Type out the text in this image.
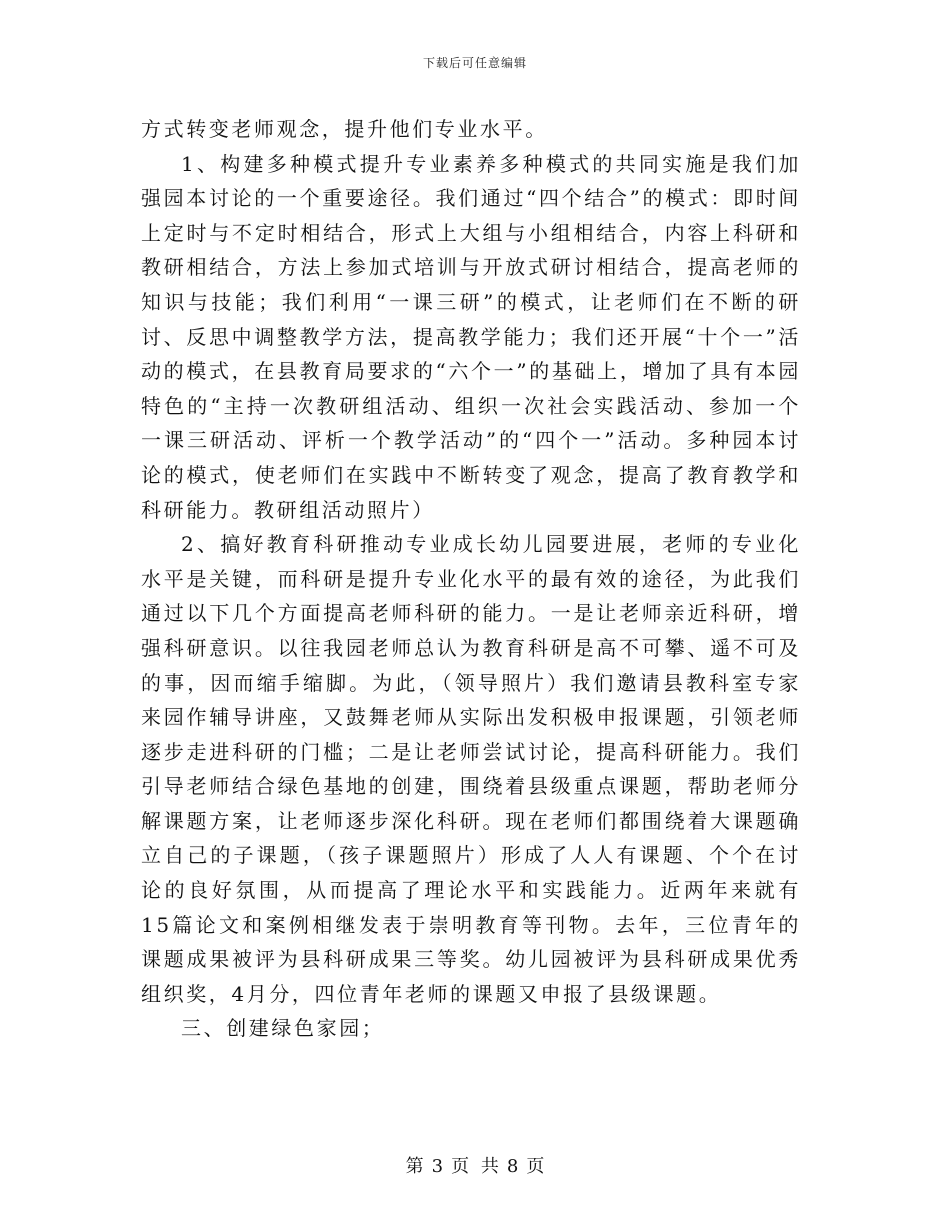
下载后可任意编辑

方式转变老师观念，提升他们专业水平。

1、构建多种模式提升专业素养多种模式的共同实施是我们加强园本讨论的一个重要途径。我们通过“四个结合”的模式：即时间上定时与不定时相结合，形式上大组与小组相结合，内容上科研和教研相结合，方法上参加式培训与开放式研讨相结合，提高老师的知识与技能；我们利用“一课三研”的模式，让老师们在不断的研讨、反思中调整教学方法，提高教学能力；我们还开展“十个一”活动的模式，在县教育局要求的“六个一”的基础上，增加了具有本园特色的“主持一次教研组活动、组织一次社会实践活动、参加一个一课三研活动、评析一个教学活动”的“四个一”活动。多种园本讨论的模式，使老师们在实践中不断转变了观念，提高了教育教学和科研能力。教研组活动照片）

2、搞好教育科研推动专业成长幼儿园要进展，老师的专业化水平是关键，而科研是提升专业化水平的最有效的途径，为此我们通过以下几个方面提高老师科研的能力。一是让老师亲近科研，增强科研意识。以往我园老师总认为教育科研是高不可攀、遥不可及的事，因而缩手缩脚。为此，（领导照片）我们邀请县教科室专家来园作辅导讲座，又鼓舞老师从实际出发积极申报课题，引领老师逐步走进科研的门槛；二是让老师尝试讨论，提高科研能力。我们引导老师结合绿色基地的创建，围绕着县级重点课题，帮助老师分解课题方案，让老师逐步深化科研。现在老师们都围绕着大课题确立自己的子课题，（孩子课题照片）形成了人人有课题、个个在讨论的良好氛围，从而提高了理论水平和实践能力。近两年来就有15篇论文和案例相继发表于崇明教育等刊物。去年，三位青年的课题成果被评为县科研成果三等奖。幼儿园被评为县科研成果优秀组织奖，4月分，四位青年老师的课题又申报了县级课题。

三、创建绿色家园；

第 3 页 共 8 页
